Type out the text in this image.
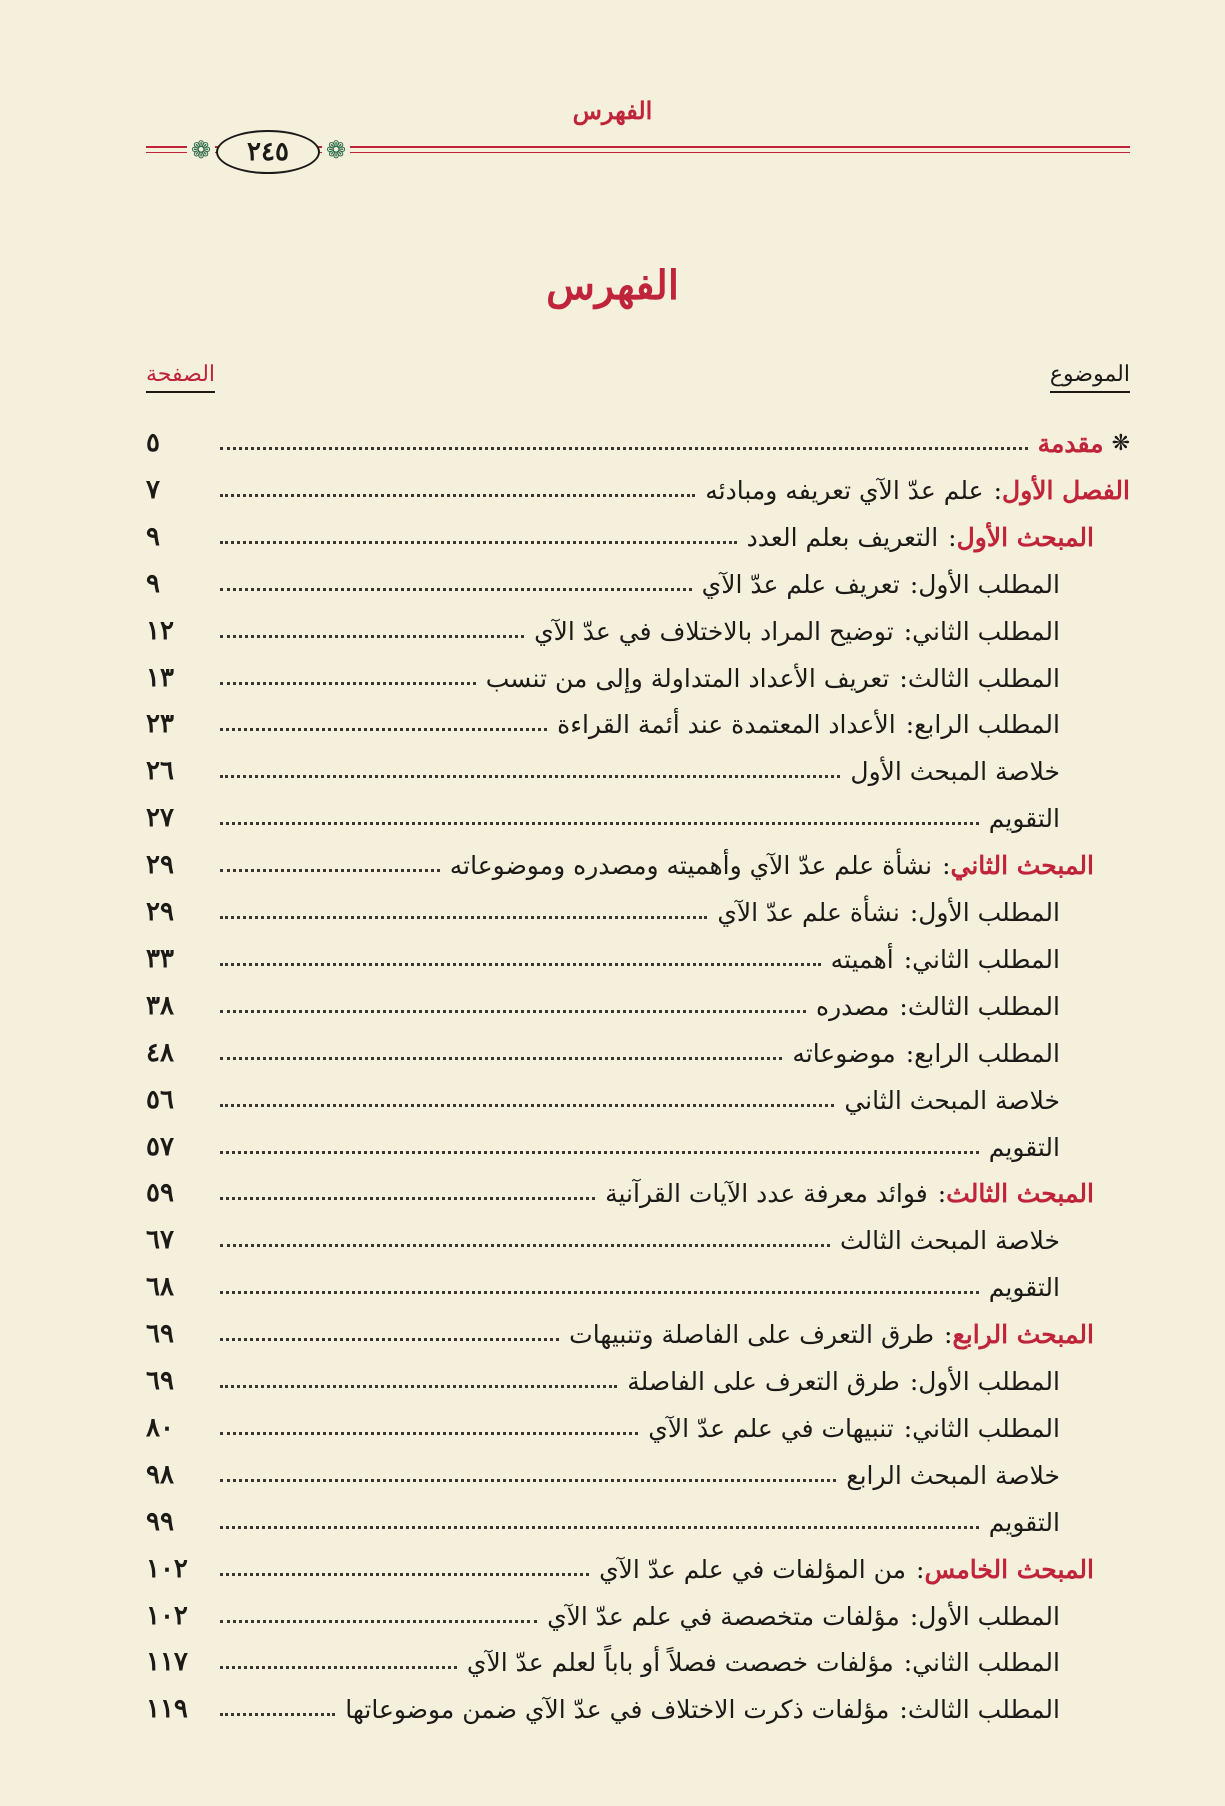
الفهرس
❁	❁
٢٤٥
الفهرس
الموضوع
الصفحة
❋
مقدمة
٥
الفصل الأول
:
علم عدّ الآي تعريفه ومبادئه
٧
المبحث الأول
:
التعريف بعلم العدد
٩
المطلب الأول
:
تعريف علم عدّ الآي
٩
المطلب الثاني
:
توضيح المراد بالاختلاف في عدّ الآي
١٢
المطلب الثالث
:
تعريف الأعداد المتداولة وإلى من تنسب
١٣
المطلب الرابع
:
الأعداد المعتمدة عند أئمة القراءة
٢٣
خلاصة المبحث الأول
٢٦
التقويم
٢٧
المبحث الثاني
:
نشأة علم عدّ الآي وأهميته ومصدره وموضوعاته
٢٩
المطلب الأول
:
نشأة علم عدّ الآي
٢٩
المطلب الثاني
:
أهميته
٣٣
المطلب الثالث
:
مصدره
٣٨
المطلب الرابع
:
موضوعاته
٤٨
خلاصة المبحث الثاني
٥٦
التقويم
٥٧
المبحث الثالث
:
فوائد معرفة عدد الآيات القرآنية
٥٩
خلاصة المبحث الثالث
٦٧
التقويم
٦٨
المبحث الرابع
:
طرق التعرف على الفاصلة وتنبيهات
٦٩
المطلب الأول
:
طرق التعرف على الفاصلة
٦٩
المطلب الثاني
:
تنبيهات في علم عدّ الآي
٨٠
خلاصة المبحث الرابع
٩٨
التقويم
٩٩
المبحث الخامس
:
من المؤلفات في علم عدّ الآي
١٠٢
المطلب الأول
:
مؤلفات متخصصة في علم عدّ الآي
١٠٢
المطلب الثاني
:
مؤلفات خصصت فصلاً أو باباً لعلم عدّ الآي
١١٧
المطلب الثالث
:
مؤلفات ذكرت الاختلاف في عدّ الآي ضمن موضوعاتها
١١٩
